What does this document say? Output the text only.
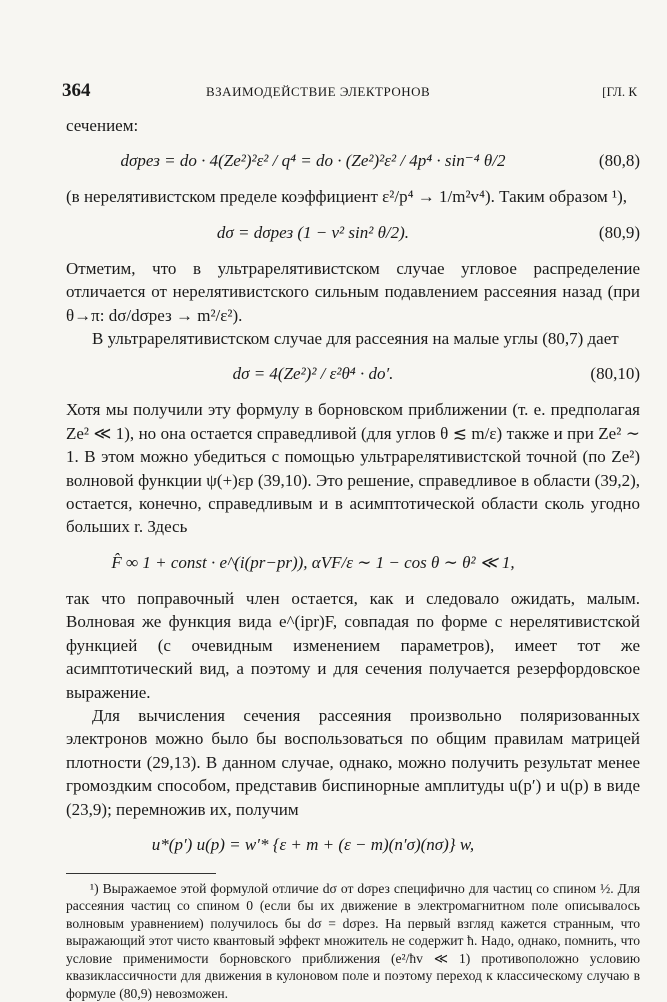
364	ВЗАИМОДЕЙСТВИЕ ЭЛЕКТРОНОВ	[ГЛ. К

сечением:

dσрез = do · 4(Ze²)²ε² / q⁴ = do · (Ze²)²ε² / 4p⁴ · sin⁻⁴ θ/2	(80,8)

(в нерелятивистском пределе коэффициент ε²/p⁴ → 1/m²v⁴). Таким образом ¹),

dσ = dσрез (1 − v² sin² θ/2).	(80,9)

Отметим, что в ультрарелятивистском случае угловое распределение отличается от нерелятивистского сильным подавлением рассеяния назад (при θ→π: dσ/dσрез → m²/ε²).

В ультрарелятивистском случае для рассеяния на малые углы (80,7) дает

dσ = 4(Ze²)² / ε²θ⁴ · do′.	(80,10)

Хотя мы получили эту формулу в борновском приближении (т. е. предполагая Ze² ≪ 1), но она остается справедливой (для углов θ ≲ m/ε) также и при Ze² ∼ 1. В этом можно убедиться с помощью ультрарелятивистской точной (по Ze²) волновой функции ψ(+)εp (39,10). Это решение, справедливое в области (39,2), остается, конечно, справедливым и в асимптотической области сколь угодно больших r. Здесь

F̂ ∞ 1 + const · e^(i(pr−pr)), αVF/ε ∼ 1 − cos θ ∼ θ² ≪ 1,

так что поправочный член остается, как и следовало ожидать, малым. Волновая же функция вида e^(ipr)F, совпадая по форме с нерелятивистской функцией (с очевидным изменением параметров), имеет тот же асимптотический вид, а поэтому и для сечения получается резерфордовское выражение.

Для вычисления сечения рассеяния произвольно поляризованных электронов можно было бы воспользоваться по общим правилам матрицей плотности (29,13). В данном случае, однако, можно получить результат менее громоздким способом, представив биспинорные амплитуды u(p′) и u(p) в виде (23,9); перемножив их, получим

u*(p′) u(p) = w′* {ε + m + (ε − m)(n′σ)(nσ)} w,

¹) Выражаемое этой формулой отличие dσ от dσрез специфично для частиц со спином ½. Для рассеяния частиц со спином 0 (если бы их движение в электромагнитном поле описывалось волновым уравнением) получилось бы dσ = dσрез. На первый взгляд кажется странным, что выражающий этот чисто квантовый эффект множитель не содержит ħ. Надо, однако, помнить, что условие применимости борновского приближения (e²/ħv ≪ 1) противоположно условию квазиклассичности для движения в кулоновом поле и поэтому переход к классическому случаю в формуле (80,9) невозможен.
